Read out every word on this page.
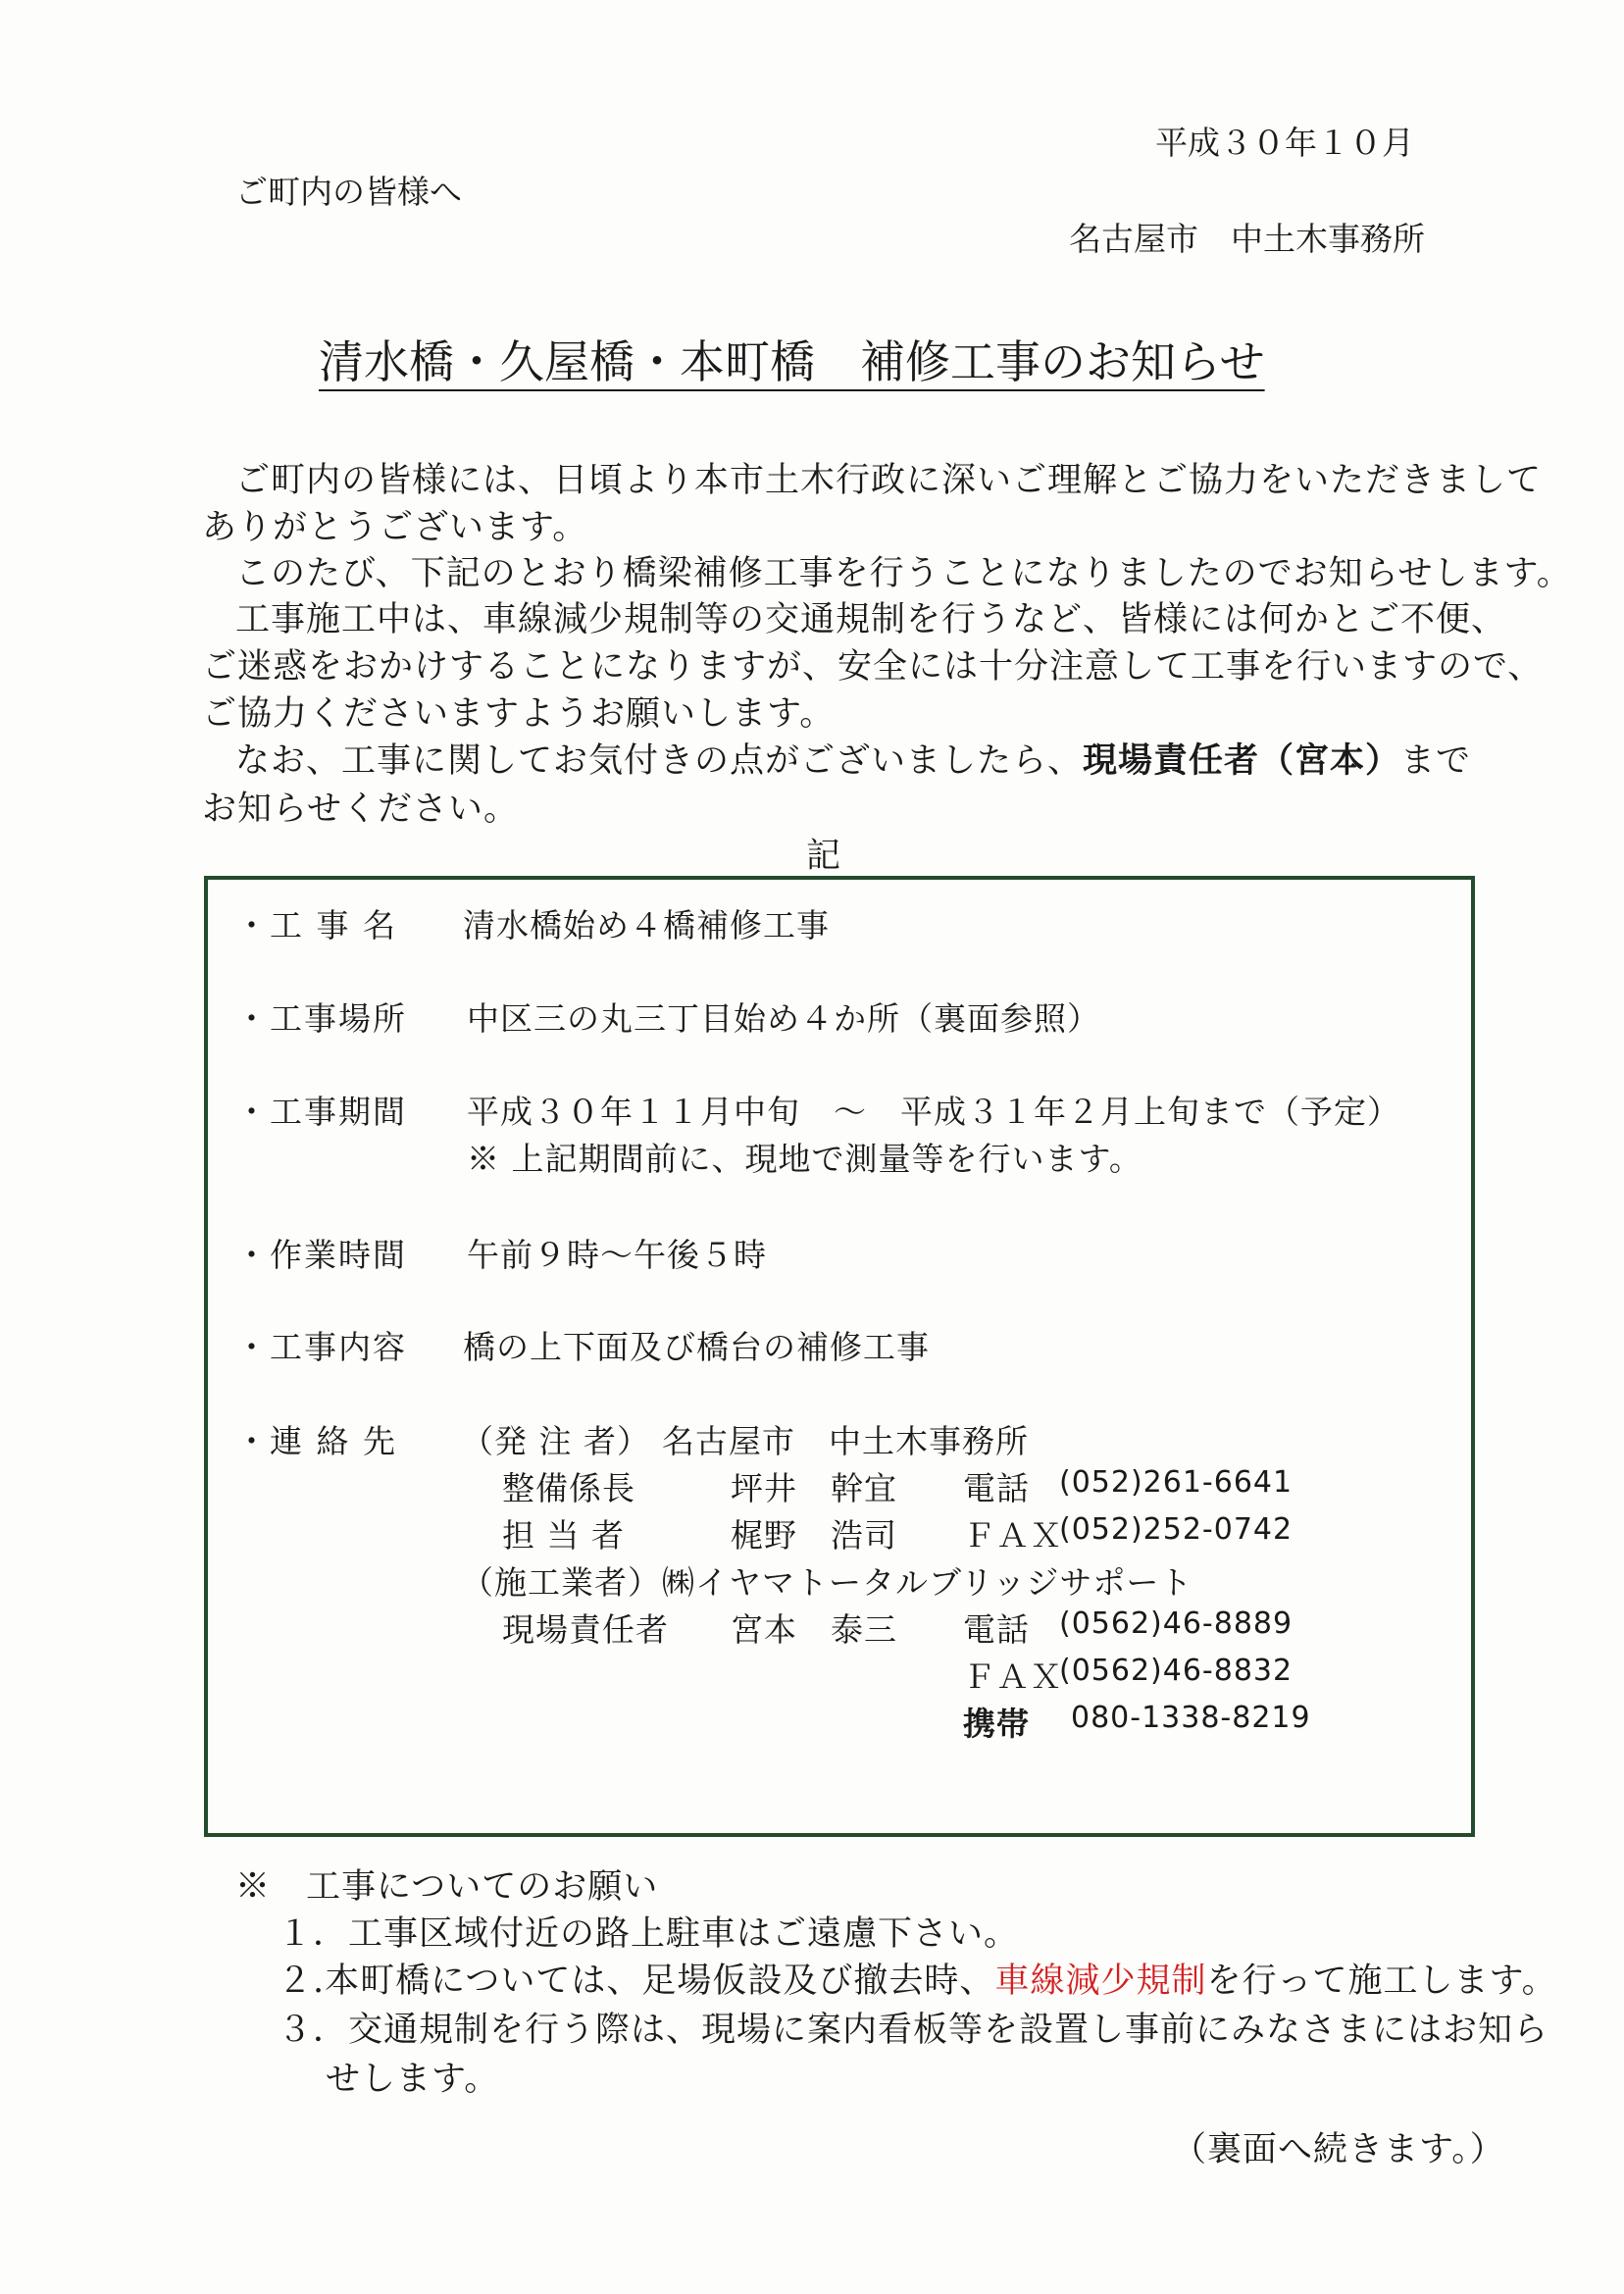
平成３０年１０月
ご町内の皆様へ
名古屋市　中土木事務所
清水橋・久屋橋・本町橋　補修工事のお知らせ
ご町内の皆様には、日頃より本市土木行政に深いご理解とご協力をいただきまして
ありがとうございます。
このたび、下記のとおり橋梁補修工事を行うことになりましたのでお知らせします。
工事施工中は、車線減少規制等の交通規制を行うなど、皆様には何かとご不便、
ご迷惑をおかけすることになりますが、安全には十分注意して工事を行いますので、
ご協力くださいますようお願いします。
なお、工事に関してお気付きの点がございましたら、現場責任者（宮本）まで
お知らせください。
記
・工 事 名 清水橋始め４橋補修工事
・工事場所 中区三の丸三丁目始め４か所（裏面参照）
・工事期間 平成３０年１１月中旬　～　平成３１年２月上旬まで（予定）
※ 上記期間前に、現地で測量等を行います。
・作業時間 午前９時～午後５時
・工事内容 橋の上下面及び橋台の補修工事
・連 絡 先 （発 注 者） 名古屋市　中土木事務所
整備係長	坪井　幹宜 電話 (052)261-6641
担 当 者	梶野　浩司 ＦＡＸ
(052)252-0742
（施工業者） ㈱イヤマトータルブリッジサポート
現場責任者 宮本　泰三 電話 (0562)46-8889
ＦＡＸ
(0562)46-8832
携帯 080-1338-8219
※　工事についてのお願い
１．工事区域付近の路上駐車はご遠慮下さい。
２.本町橋については、足場仮設及び撤去時、車線減少規制を行って施工します。
３．交通規制を行う際は、現場に案内看板等を設置し事前にみなさまにはお知ら
せします。
（裏面へ続きます。）
